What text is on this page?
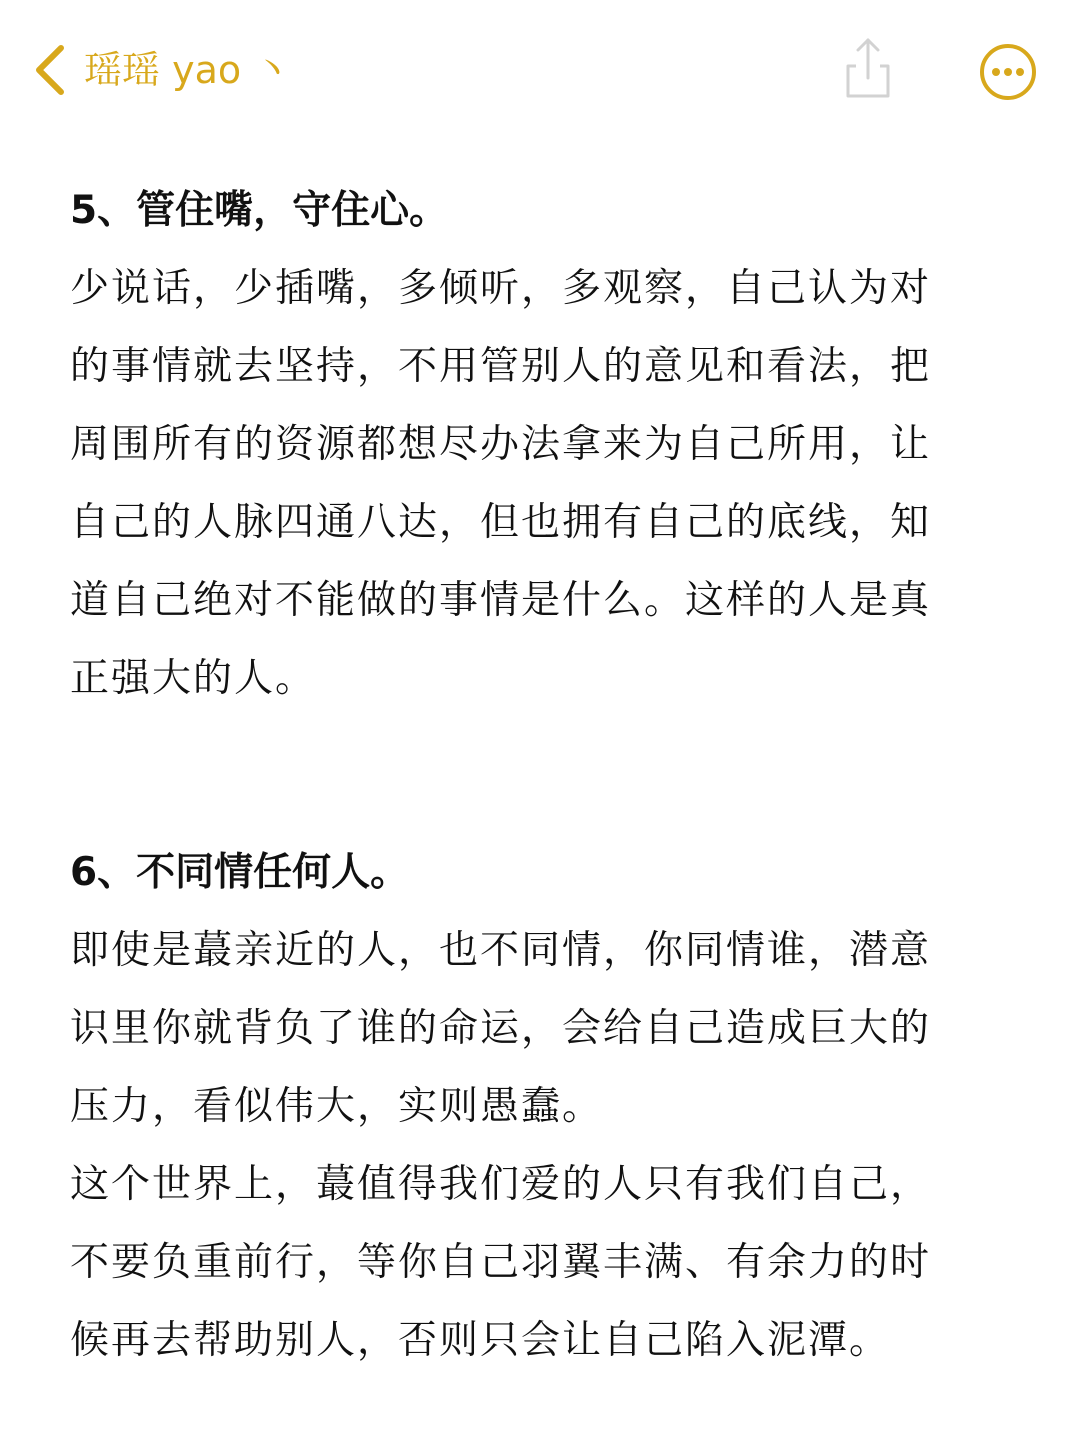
瑶瑶 yao 丶
5、管住嘴，守住心。

少说话，少插嘴，多倾听，多观察，自己认为对
的事情就去坚持，不用管别人的意见和看法，把
周围所有的资源都想尽办法拿来为自己所用，让
自己的人脉四通八达，但也拥有自己的底线，知
道自己绝对不能做的事情是什么。这样的人是真
正强大的人。

6、不同情任何人。

即使是蕞亲近的人，也不同情，你同情谁，潜意
识里你就背负了谁的命运，会给自己造成巨大的
压力，看似伟大，实则愚蠢。
这个世界上，蕞值得我们爱的人只有我们自己，
不要负重前行，等你自己羽翼丰满、有余力的时
候再去帮助别人，否则只会让自己陷入泥潭。
